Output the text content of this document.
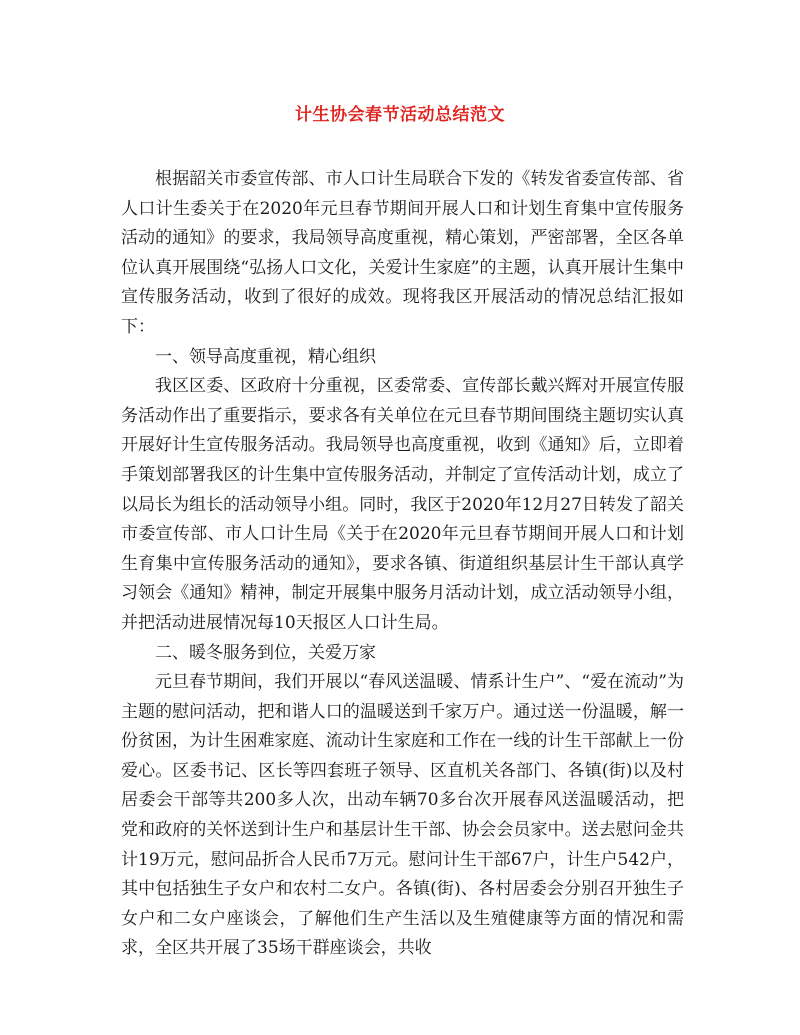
计生协会春节活动总结范文

根据韶关市委宣传部、市人口计生局联合下发的《转发省委宣传部、省人口计生委关于在2020年元旦春节期间开展人口和计划生育集中宣传服务活动的通知》的要求，我局领导高度重视，精心策划，严密部署，全区各单位认真开展围绕“弘扬人口文化，关爱计生家庭”的主题，认真开展计生集中宣传服务活动，收到了很好的成效。现将我区开展活动的情况总结汇报如下：

一、领导高度重视，精心组织

我区区委、区政府十分重视，区委常委、宣传部长戴兴辉对开展宣传服务活动作出了重要指示，要求各有关单位在元旦春节期间围绕主题切实认真开展好计生宣传服务活动。我局领导也高度重视，收到《通知》后，立即着手策划部署我区的计生集中宣传服务活动，并制定了宣传活动计划，成立了以局长为组长的活动领导小组。同时，我区于2020年12月27日转发了韶关市委宣传部、市人口计生局《关于在2020年元旦春节期间开展人口和计划生育集中宣传服务活动的通知》，要求各镇、街道组织基层计生干部认真学习领会《通知》精神，制定开展集中服务月活动计划，成立活动领导小组，并把活动进展情况每10天报区人口计生局。

二、暖冬服务到位，关爱万家

元旦春节期间，我们开展以“春风送温暖、情系计生户”、“爱在流动”为主题的慰问活动，把和谐人口的温暖送到千家万户。通过送一份温暖，解一份贫困，为计生困难家庭、流动计生家庭和工作在一线的计生干部献上一份爱心。区委书记、区长等四套班子领导、区直机关各部门、各镇(街)以及村居委会干部等共200多人次，出动车辆70多台次开展春风送温暖活动，把党和政府的关怀送到计生户和基层计生干部、协会会员家中。送去慰问金共计19万元，慰问品折合人民币7万元。慰问计生干部67户，计生户542户，其中包括独生子女户和农村二女户。各镇(街)、各村居委会分别召开独生子女户和二女户座谈会，了解他们生产生活以及生殖健康等方面的情况和需求，全区共开展了35场干群座谈会，共收
